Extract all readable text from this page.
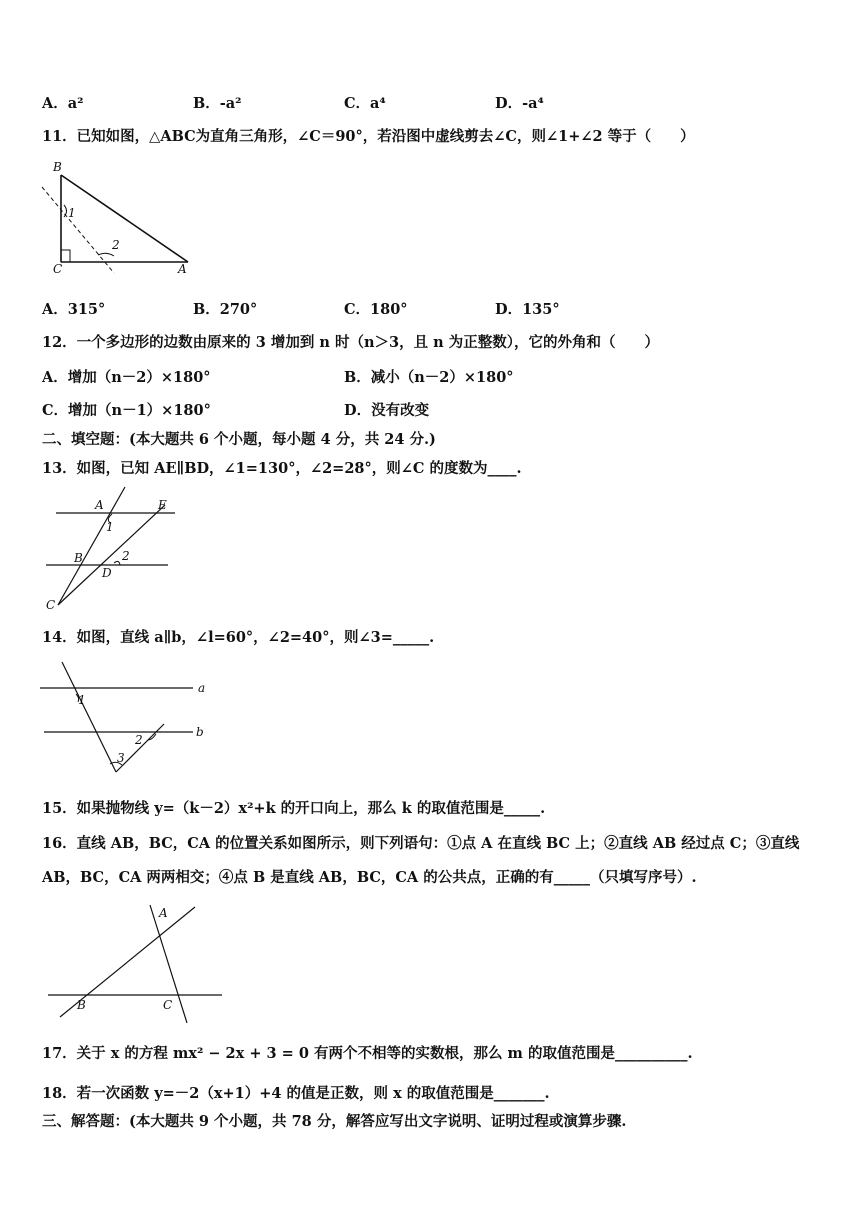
A．a²	B．-a²	C．a⁴	D．-a⁴
11．已知如图，△ABC为直角三角形，∠C＝90°，若沿图中虚线剪去∠C，则∠1+∠2 等于（　　）
B
C	A
1
2
A．315°	B．270°	C．180°	D．135°
12．一个多边形的边数由原来的 3 增加到 n 时（n＞3，且 n 为正整数），它的外角和（　　）
A．增加（n－2）×180°	B．减小（n－2）×180°
C．增加（n－1）×180°	D．没有改变
二、填空题：(本大题共 6 个小题，每小题 4 分，共 24 分.)
13．如图，已知 AE∥BD，∠1=130°，∠2=28°，则∠C 的度数为____.
A	E
1
B
D
2
C
14．如图，直线 a∥b，∠l=60°，∠2=40°，则∠3=_____.
a
b
1
2
3
15．如果抛物线 y=（k－2）x²+k 的开口向上，那么 k 的取值范围是_____.
16．直线 AB，BC，CA 的位置关系如图所示，则下列语句：①点 A 在直线 BC 上；②直线 AB 经过点 C；③直线
AB，BC，CA 两两相交；④点 B 是直线 AB，BC，CA 的公共点，正确的有_____（只填写序号）.
A
B	C
17．关于 x 的方程 mx² − 2x + 3 = 0 有两个不相等的实数根，那么 m 的取值范围是__________.
18．若一次函数 y=－2（x+1）+4 的值是正数，则 x 的取值范围是_______.
三、解答题：(本大题共 9 个小题，共 78 分，解答应写出文字说明、证明过程或演算步骤.
